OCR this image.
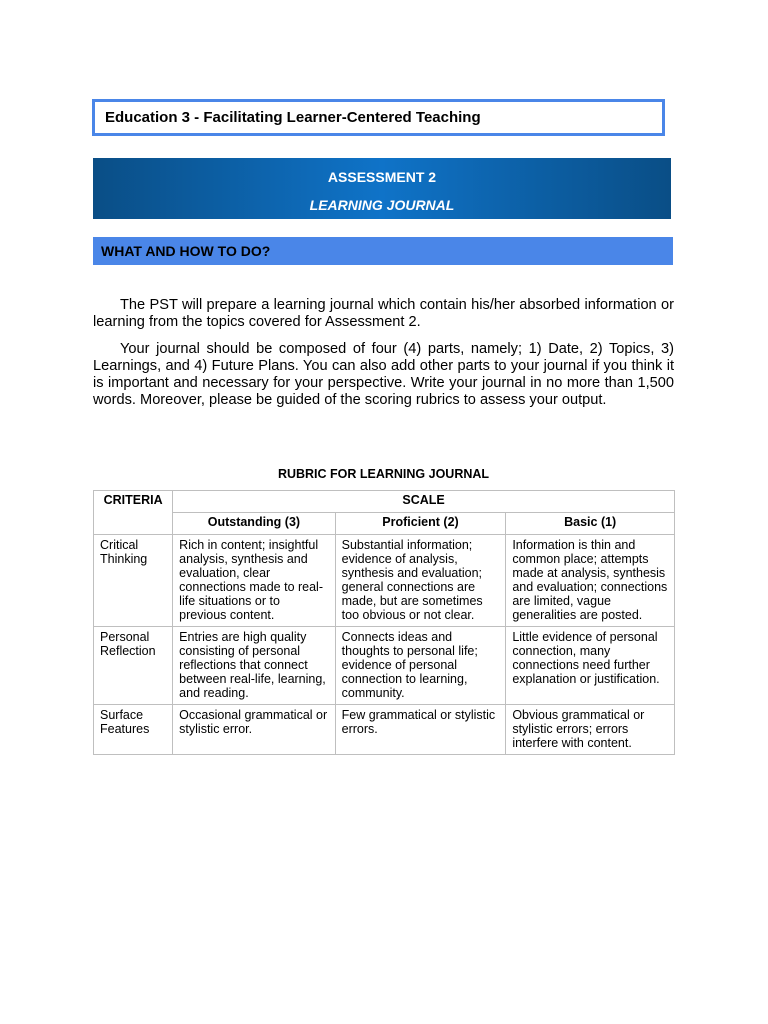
Education 3 - Facilitating Learner-Centered Teaching
ASSESSMENT 2
LEARNING JOURNAL
WHAT AND HOW TO DO?

The PST will prepare a learning journal which contain his/her absorbed information or learning from the topics covered for Assessment 2.

Your journal should be composed of four (4) parts, namely; 1) Date, 2) Topics, 3) Learnings, and 4) Future Plans. You can also add other parts to your journal if you think it is important and necessary for your perspective. Write your journal in no more than 1,500 words. Moreover, please be guided of the scoring rubrics to assess your output.

RUBRIC FOR LEARNING JOURNAL
CRITERIA	SCALE		
	Outstanding (3)	Proficient (2)	Basic (1)
Critical Thinking	Rich in content; insightful analysis, synthesis and evaluation, clear connections made to real-life situations or to previous content.	Substantial information; evidence of analysis, synthesis and evaluation; general connections are made, but are sometimes too obvious or not clear.	Information is thin and common place; attempts made at analysis, synthesis and evaluation; connections are limited, vague generalities are posted.
Personal Reflection	Entries are high quality consisting of personal reflections that connect between real-life, learning, and reading.	Connects ideas and thoughts to personal life; evidence of personal connection to learning, community.	Little evidence of personal connection, many connections need further explanation or justification.
Surface Features	Occasional grammatical or stylistic error.	Few grammatical or stylistic errors.	Obvious grammatical or stylistic errors; errors interfere with content.
